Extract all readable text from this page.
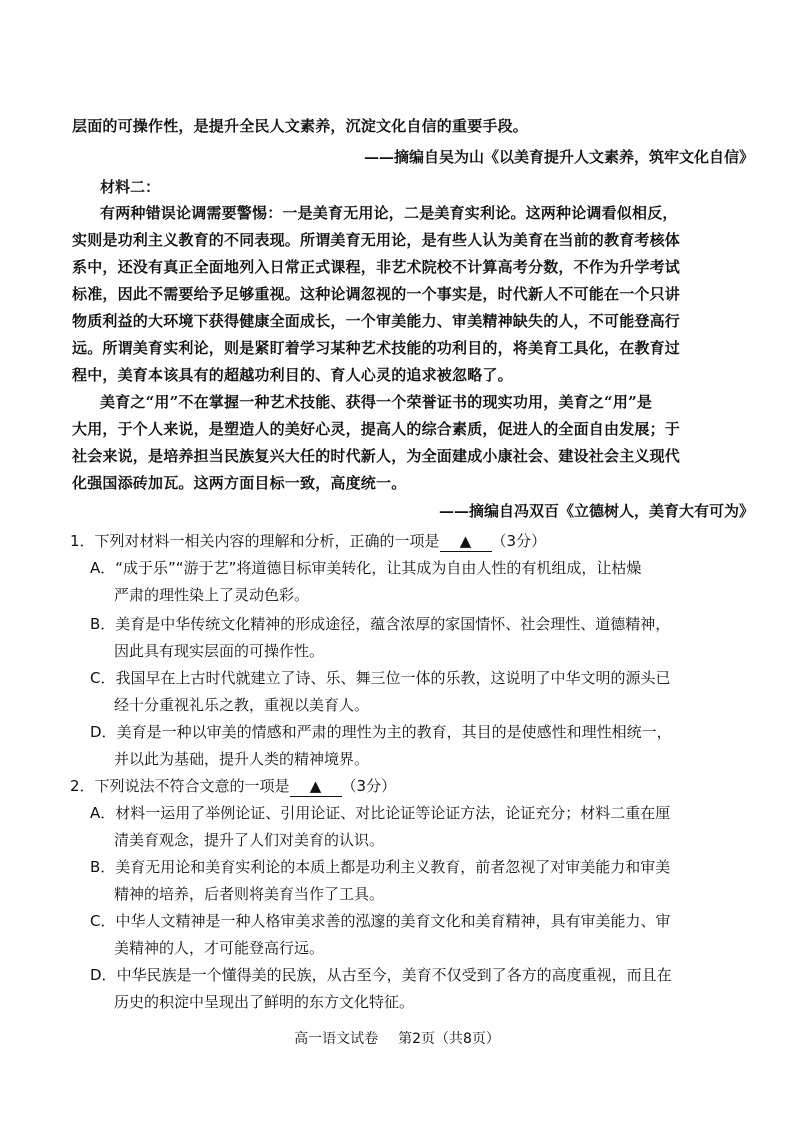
层面的可操作性，是提升全民人文素养，沉淀文化自信的重要手段。
——摘编自吴为山《以美育提升人文素养，筑牢文化自信》
材料二：
有两种错误论调需要警惕：一是美育无用论，二是美育实利论。这两种论调看似相反，
实则是功利主义教育的不同表现。所谓美育无用论，是有些人认为美育在当前的教育考核体
系中，还没有真正全面地列入日常正式课程，非艺术院校不计算高考分数，不作为升学考试
标准，因此不需要给予足够重视。这种论调忽视的一个事实是，时代新人不可能在一个只讲
物质利益的大环境下获得健康全面成长，一个审美能力、审美精神缺失的人，不可能登高行
远。所谓美育实利论，则是紧盯着学习某种艺术技能的功利目的，将美育工具化，在教育过
程中，美育本该具有的超越功利目的、育人心灵的追求被忽略了。
美育之“用”不在掌握一种艺术技能、获得一个荣誉证书的现实功用，美育之“用”是
大用，于个人来说，是塑造人的美好心灵，提高人的综合素质，促进人的全面自由发展；于
社会来说，是培养担当民族复兴大任的时代新人，为全面建成小康社会、建设社会主义现代
化强国添砖加瓦。这两方面目标一致，高度统一。
——摘编自冯双百《立德树人，美育大有可为》
1．下列对材料一相关内容的理解和分析，正确的一项是 ▲ （3分）
A．“成于乐”“游于艺”将道德目标审美转化，让其成为自由人性的有机组成，让枯燥
严肃的理性染上了灵动色彩。
B．美育是中华传统文化精神的形成途径，蕴含浓厚的家国情怀、社会理性、道德精神，
因此具有现实层面的可操作性。
C．我国早在上古时代就建立了诗、乐、舞三位一体的乐教，这说明了中华文明的源头已
经十分重视礼乐之教，重视以美育人。
D．美育是一种以审美的情感和严肃的理性为主的教育，其目的是使感性和理性相统一，
并以此为基础，提升人类的精神境界。
2．下列说法不符合文意的一项是 ▲ （3分）
A．材料一运用了举例论证、引用论证、对比论证等论证方法，论证充分；材料二重在厘
清美育观念，提升了人们对美育的认识。
B．美育无用论和美育实利论的本质上都是功利主义教育，前者忽视了对审美能力和审美
精神的培养，后者则将美育当作了工具。
C．中华人文精神是一种人格审美求善的泓邃的美育文化和美育精神，具有审美能力、审
美精神的人，才可能登高行远。
D．中华民族是一个懂得美的民族，从古至今，美育不仅受到了各方的高度重视，而且在
历史的积淀中呈现出了鲜明的东方文化特征。
高一语文试卷 第2页（共8页）
